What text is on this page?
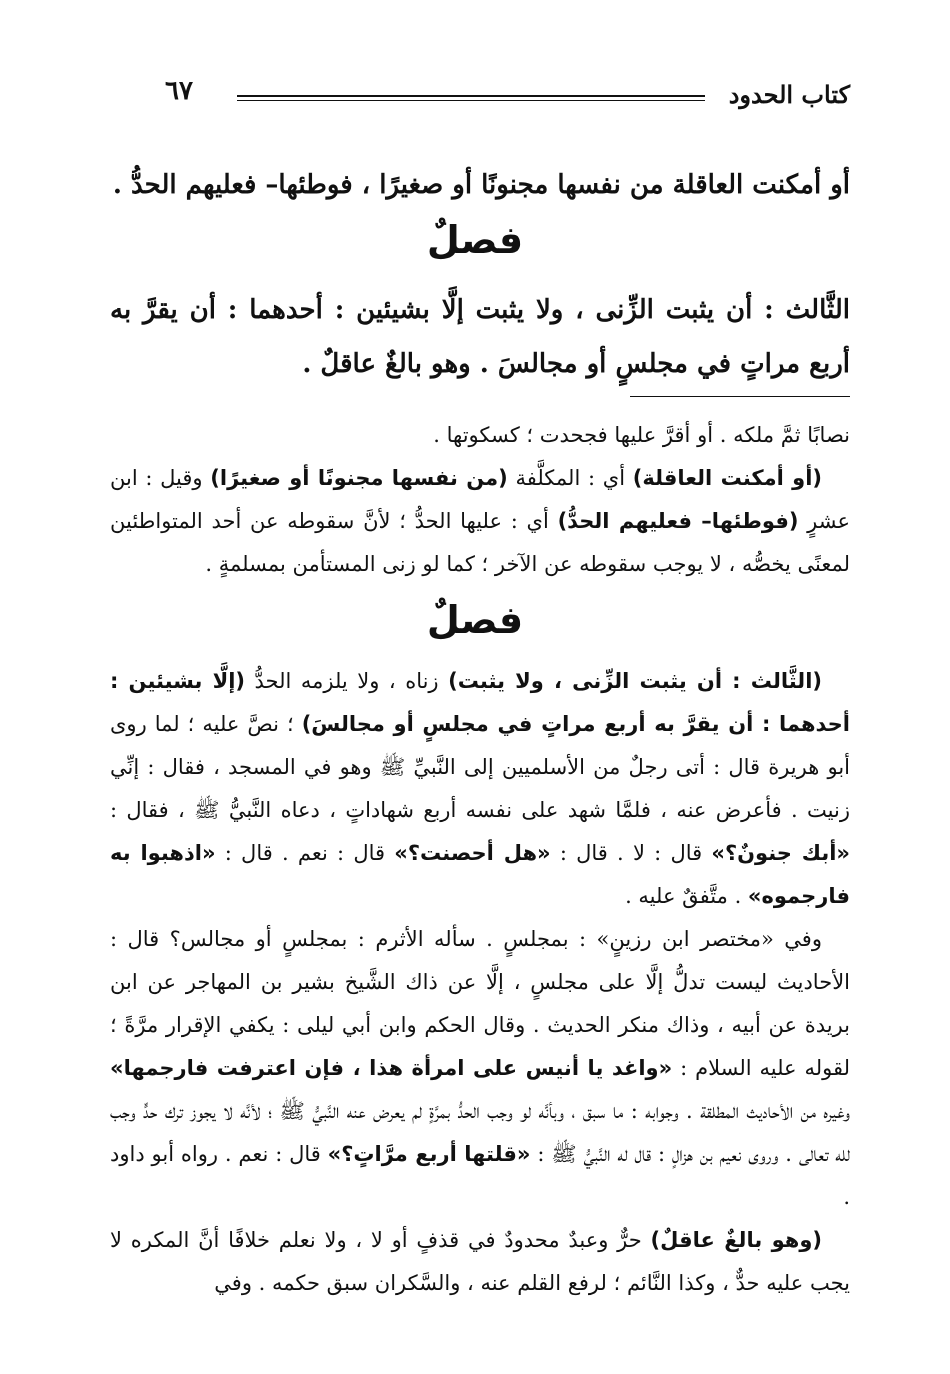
٦٧	كتاب الحدود
أو أمكنت العاقلة من نفسها مجنونًا أو صغيرًا ، فوطئها– فعليهم الحدُّ .
فصلٌ
الثَّالث : أن يثبت الزِّنى ، ولا يثبت إلَّا بشيئين : أحدهما : أن يقرَّ به أربع مراتٍ في مجلسٍ أو مجالسَ . وهو بالغٌ عاقلٌ .

نصابًا ثمَّ ملكه . أو أقرَّ عليها فجحدت ؛ كسكوتها .

(أو أمكنت العاقلة) أي : المكلَّفة (من نفسها مجنونًا أو صغيرًا) وقيل : ابن عشرٍ (فوطئها– فعليهم الحدُّ) أي : عليها الحدُّ ؛ لأنَّ سقوطه عن أحد المتواطئين لمعنًى يخصُّه ، لا يوجب سقوطه عن الآخر ؛ كما لو زنى المستأمن بمسلمةٍ .

فصلٌ

(الثَّالث : أن يثبت الزِّنى ، ولا يثبت) زناه ، ولا يلزمه الحدُّ (إلَّا بشيئين : أحدهما : أن يقرَّ به أربع مراتٍ في مجلسٍ أو مجالسَ) ؛ نصَّ عليه ؛ لما روى أبو هريرة قال : أتى رجلٌ من الأسلميين إلى النَّبيِّ ﷺ وهو في المسجد ، فقال : إنِّي زنيت . فأعرض عنه ، فلمَّا شهد على نفسه أربع شهاداتٍ ، دعاه النَّبيُّ ﷺ ، فقال : «أبك جنونٌ؟» قال : لا . قال : «هل أحصنت؟» قال : نعم . قال : «اذهبوا به فارجموه» . متَّفقٌ عليه .

وفي «مختصر ابن رزينٍ» : بمجلسٍ . سأله الأثرم : بمجلسٍ أو مجالس؟ قال : الأحاديث ليست تدلُّ إلَّا على مجلسٍ ، إلَّا عن ذاك الشَّيخ بشير بن المهاجر عن ابن بريدة عن أبيه ، وذاك منكر الحديث . وقال الحكم وابن أبي ليلى : يكفي الإقرار مرَّةً ؛ لقوله عليه السلام : «واغد يا أنيس على امرأة هذا ، فإن اعترفت فارجمها» وغيره من الأحاديث المطلقة . وجوابه : ما سبق ، وبأنَّه لو وجب الحدُّ بمرَّةٍ لم يعرض عنه النَّبيُّ ﷺ ؛ لأنَّه لا يجوز ترك حدٍّ وجب لله تعالى . وروى نعيم بن هزالٍ : قال له النَّبيُّ ﷺ : «قلتها أربع مرَّاتٍ؟» قال : نعم . رواه أبو داود .

(وهو بالغٌ عاقلٌ) حرٌّ وعبدٌ محدودٌ في قذفٍ أو لا ، ولا نعلم خلافًا أنَّ المكره لا يجب عليه حدٌّ ، وكذا النَّائم ؛ لرفع القلم عنه ، والسَّكران سبق حكمه . وفي
